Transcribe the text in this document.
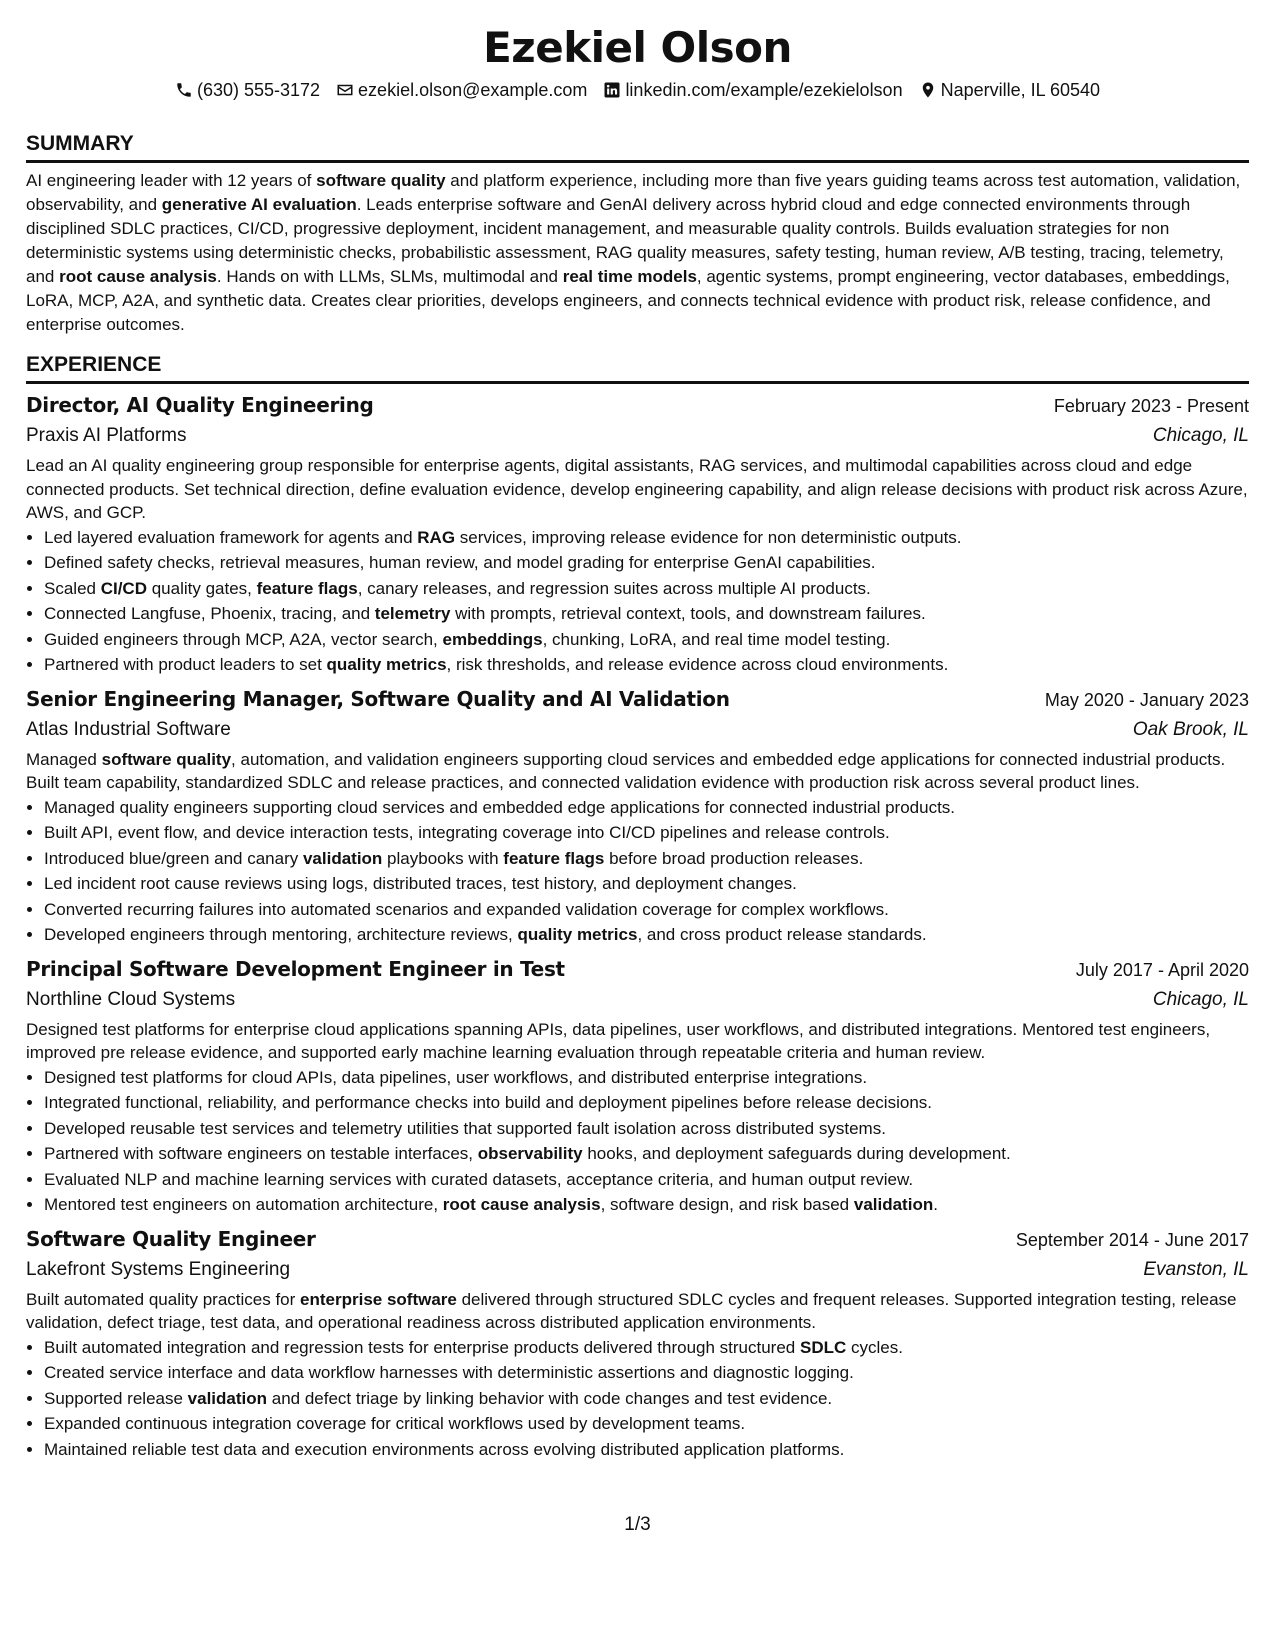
Ezekiel Olson
(630) 555-3172 ezekiel.olson@example.com linkedin.com/example/ezekielolson Naperville, IL 60540
SUMMARY

AI engineering leader with 12 years of software quality and platform experience, including more than five years guiding teams across test automation, validation, observability, and generative AI evaluation. Leads enterprise software and GenAI delivery across hybrid cloud and edge connected environments through disciplined SDLC practices, CI/CD, progressive deployment, incident management, and measurable quality controls. Builds evaluation strategies for non deterministic systems using deterministic checks, probabilistic assessment, RAG quality measures, safety testing, human review, A/B testing, tracing, telemetry, and root cause analysis. Hands on with LLMs, SLMs, multimodal and real time models, agentic systems, prompt engineering, vector databases, embeddings, LoRA, MCP, A2A, and synthetic data. Creates clear priorities, develops engineers, and connects technical evidence with product risk, release confidence, and enterprise outcomes.

EXPERIENCE
Director, AI Quality Engineering	February 2023 - Present
Praxis AI Platforms	Chicago, IL
Lead an AI quality engineering group responsible for enterprise agents, digital assistants, RAG services, and multimodal capabilities across cloud and edge connected products. Set technical direction, define evaluation evidence, develop engineering capability, and align release decisions with product risk across Azure, AWS, and GCP.
• Led layered evaluation framework for agents and RAG services, improving release evidence for non deterministic outputs.
• Defined safety checks, retrieval measures, human review, and model grading for enterprise GenAI capabilities.
• Scaled CI/CD quality gates, feature flags, canary releases, and regression suites across multiple AI products.
• Connected Langfuse, Phoenix, tracing, and telemetry with prompts, retrieval context, tools, and downstream failures.
• Guided engineers through MCP, A2A, vector search, embeddings, chunking, LoRA, and real time model testing.
• Partnered with product leaders to set quality metrics, risk thresholds, and release evidence across cloud environments.
Senior Engineering Manager, Software Quality and AI Validation	May 2020 - January 2023
Atlas Industrial Software	Oak Brook, IL
Managed software quality, automation, and validation engineers supporting cloud services and embedded edge applications for connected industrial products. Built team capability, standardized SDLC and release practices, and connected validation evidence with production risk across several product lines.
• Managed quality engineers supporting cloud services and embedded edge applications for connected industrial products.
• Built API, event flow, and device interaction tests, integrating coverage into CI/CD pipelines and release controls.
• Introduced blue/green and canary validation playbooks with feature flags before broad production releases.
• Led incident root cause reviews using logs, distributed traces, test history, and deployment changes.
• Converted recurring failures into automated scenarios and expanded validation coverage for complex workflows.
• Developed engineers through mentoring, architecture reviews, quality metrics, and cross product release standards.
Principal Software Development Engineer in Test	July 2017 - April 2020
Northline Cloud Systems	Chicago, IL
Designed test platforms for enterprise cloud applications spanning APIs, data pipelines, user workflows, and distributed integrations. Mentored test engineers, improved pre release evidence, and supported early machine learning evaluation through repeatable criteria and human review.
• Designed test platforms for cloud APIs, data pipelines, user workflows, and distributed enterprise integrations.
• Integrated functional, reliability, and performance checks into build and deployment pipelines before release decisions.
• Developed reusable test services and telemetry utilities that supported fault isolation across distributed systems.
• Partnered with software engineers on testable interfaces, observability hooks, and deployment safeguards during development.
• Evaluated NLP and machine learning services with curated datasets, acceptance criteria, and human output review.
• Mentored test engineers on automation architecture, root cause analysis, software design, and risk based validation.
Software Quality Engineer	September 2014 - June 2017
Lakefront Systems Engineering	Evanston, IL
Built automated quality practices for enterprise software delivered through structured SDLC cycles and frequent releases. Supported integration testing, release validation, defect triage, test data, and operational readiness across distributed application environments.
• Built automated integration and regression tests for enterprise products delivered through structured SDLC cycles.
• Created service interface and data workflow harnesses with deterministic assertions and diagnostic logging.
• Supported release validation and defect triage by linking behavior with code changes and test evidence.
• Expanded continuous integration coverage for critical workflows used by development teams.
• Maintained reliable test data and execution environments across evolving distributed application platforms.
1/3
